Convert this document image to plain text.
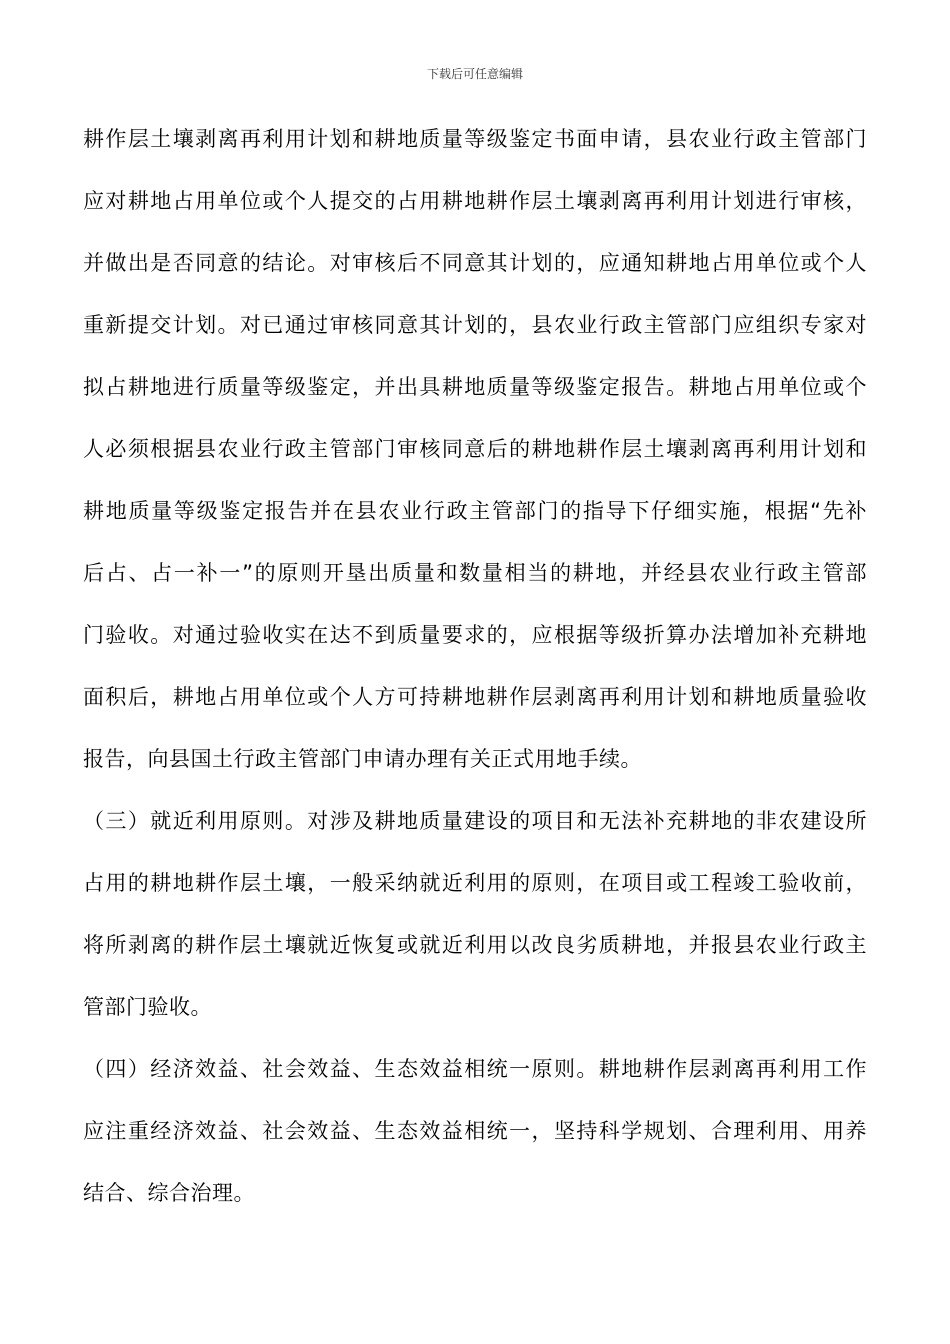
下载后可任意编辑
耕作层土壤剥离再利用计划和耕地质量等级鉴定书面申请，县农业行政主管部门
应对耕地占用单位或个人提交的占用耕地耕作层土壤剥离再利用计划进行审核，
并做出是否同意的结论。对审核后不同意其计划的，应通知耕地占用单位或个人
重新提交计划。对已通过审核同意其计划的，县农业行政主管部门应组织专家对
拟占耕地进行质量等级鉴定，并出具耕地质量等级鉴定报告。耕地占用单位或个
人必须根据县农业行政主管部门审核同意后的耕地耕作层土壤剥离再利用计划和
耕地质量等级鉴定报告并在县农业行政主管部门的指导下仔细实施，根据“先补
后占、占一补一”的原则开垦出质量和数量相当的耕地，并经县农业行政主管部
门验收。对通过验收实在达不到质量要求的，应根据等级折算办法增加补充耕地
面积后，耕地占用单位或个人方可持耕地耕作层剥离再利用计划和耕地质量验收
报告，向县国土行政主管部门申请办理有关正式用地手续。
（三）就近利用原则。对涉及耕地质量建设的项目和无法补充耕地的非农建设所
占用的耕地耕作层土壤，一般采纳就近利用的原则，在项目或工程竣工验收前，
将所剥离的耕作层土壤就近恢复或就近利用以改良劣质耕地，并报县农业行政主
管部门验收。
（四）经济效益、社会效益、生态效益相统一原则。耕地耕作层剥离再利用工作
应注重经济效益、社会效益、生态效益相统一，坚持科学规划、合理利用、用养
结合、综合治理。
